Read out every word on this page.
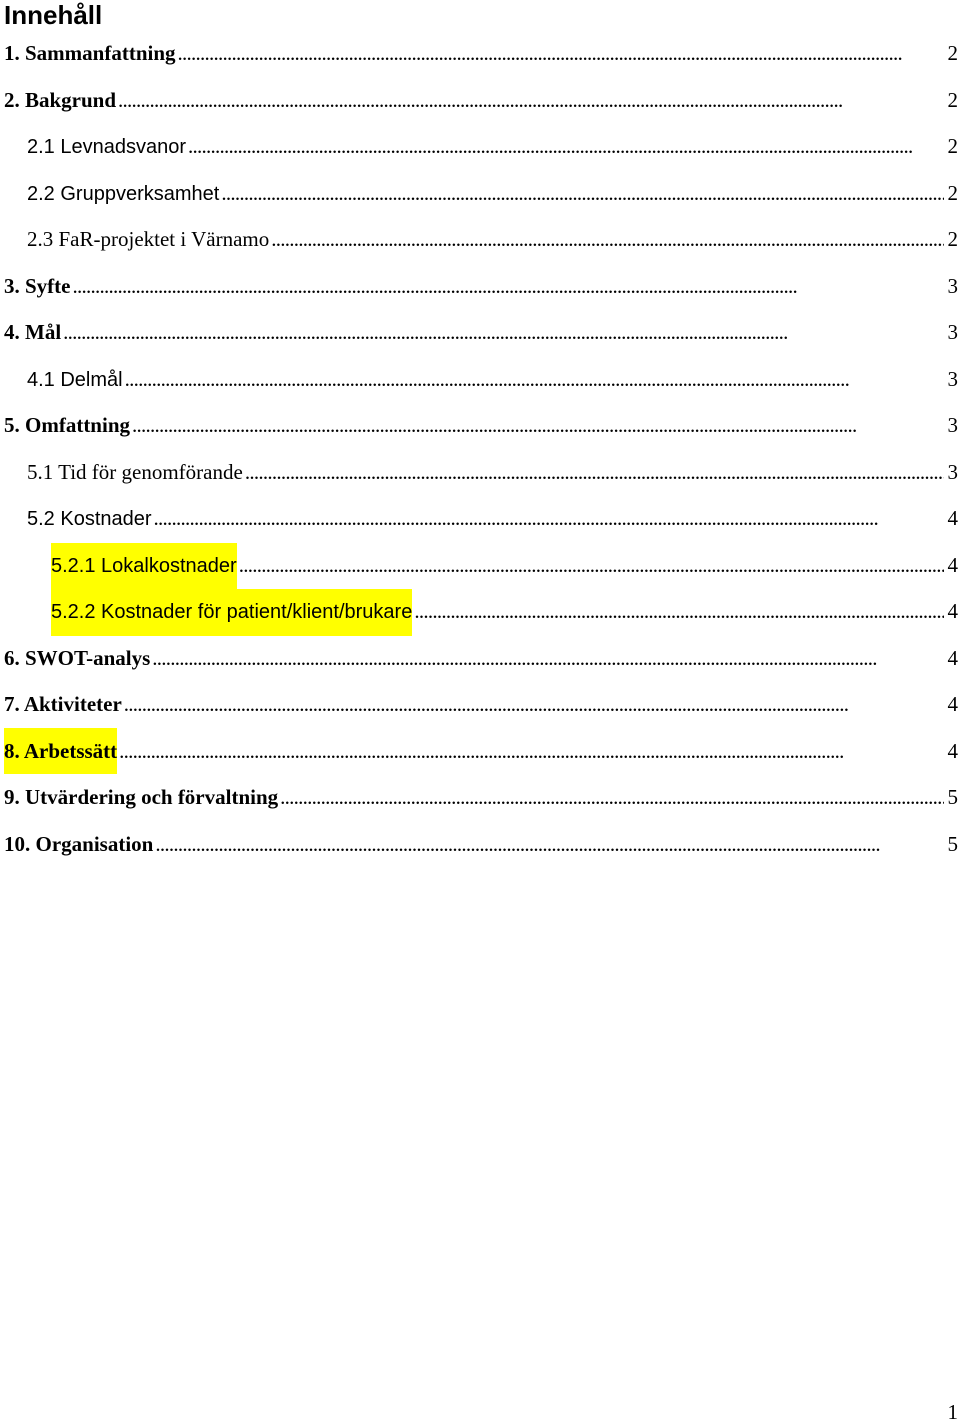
Innehåll
1. Sammanfattning . . .	2
2. Bakgrund . . .	2
2.1 Levnadsvanor . . .	2
2.2 Gruppverksamhet . . .	2
2.3 FaR-projektet i Värnamo . . .	2
3. Syfte . . .	3
4. Mål . . .	3
4.1 Delmål . . .	3
5. Omfattning . . .	3
5.1 Tid för genomförande . . .	3
5.2 Kostnader . . .	4
5.2.1 Lokalkostnader . . .	4
5.2.2 Kostnader för patient/klient/brukare . . .	4
6. SWOT-analys . . .	4
7. Aktiviteter . . .	4
8. Arbetssätt . . .	4
9. Utvärdering och förvaltning . . .	5
10. Organisation . . .	5
1
